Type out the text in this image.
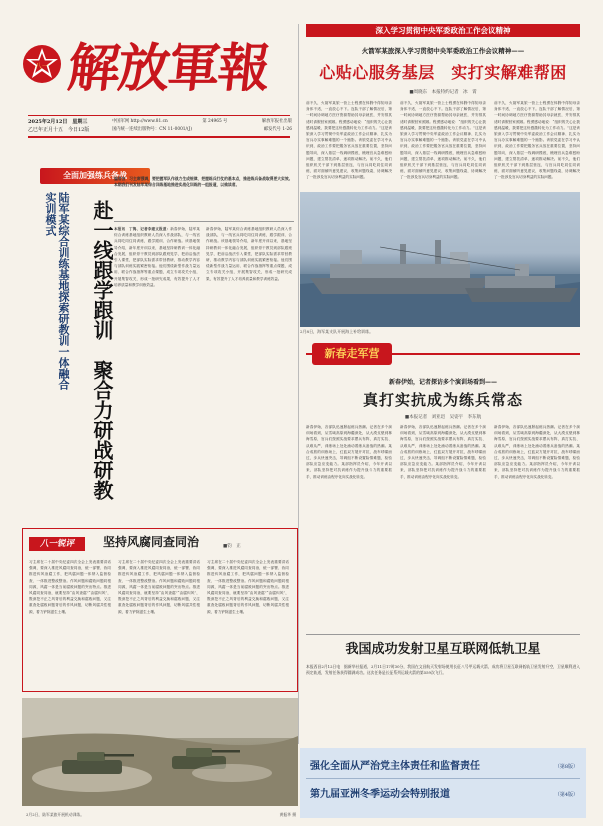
八一 解放軍報
2025年2月12日　星期三
乙巳年正月十五　今日12版
中国军网 http://www.81.cn	第 24965 号	解放军报社出版
国内统一连续出版物号：CN 11-0001/(J)	邮发代号 1-26
深入学习贯彻中央军委政治工作会议精神
火箭军某旅深入学习贯彻中央军委政治工作会议精神——
心贴心服务基层　实打实解难帮困
■周晓东　本报特约记者　冰　霄
前不久，火箭军某旅一营上士程勇在休假中得知母亲身体不适，一直放心不下。连队干部了解情况后，第一时间协调地方医疗资源帮助其母亲就医，并安排其适时请假回家照顾。程勇感动地说：“组织的关心让我感到温暖，我要把这份感激转化为工作动力。”这是该旅深入学习贯彻中央军委政治工作会议精神、扎实为官兵办实事解难题的一个缩影。该旅党委在学习中认识到，政治工作要把服务官兵放在重要位置，坚持问题导向，深入基层一线调研摸底，梳理官兵急难愁盼问题，建立帮扶清单，逐项推动解决。前不久，他们组织机关干部下到基层营连，与官兵同吃同住同训练，面对面倾听意见建议，收集问题线索，协调解决了一批涉及官兵切身利益的实际问题。
前不久，火箭军某旅一营上士程勇在休假中得知母亲身体不适，一直放心不下。连队干部了解情况后，第一时间协调地方医疗资源帮助其母亲就医，并安排其适时请假回家照顾。程勇感动地说：“组织的关心让我感到温暖，我要把这份感激转化为工作动力。”这是该旅深入学习贯彻中央军委政治工作会议精神、扎实为官兵办实事解难题的一个缩影。该旅党委在学习中认识到，政治工作要把服务官兵放在重要位置，坚持问题导向，深入基层一线调研摸底，梳理官兵急难愁盼问题，建立帮扶清单，逐项推动解决。前不久，他们组织机关干部下到基层营连，与官兵同吃同住同训练，面对面倾听意见建议，收集问题线索，协调解决了一批涉及官兵切身利益的实际问题。
前不久，火箭军某旅一营上士程勇在休假中得知母亲身体不适，一直放心不下。连队干部了解情况后，第一时间协调地方医疗资源帮助其母亲就医，并安排其适时请假回家照顾。程勇感动地说：“组织的关心让我感到温暖，我要把这份感激转化为工作动力。”这是该旅深入学习贯彻中央军委政治工作会议精神、扎实为官兵办实事解难题的一个缩影。该旅党委在学习中认识到，政治工作要把服务官兵放在重要位置，坚持问题导向，深入基层一线调研摸底，梳理官兵急难愁盼问题，建立帮扶清单，逐项推动解决。前不久，他们组织机关干部下到基层营连，与官兵同吃同住同训练，面对面倾听意见建议，收集问题线索，协调解决了一批涉及官兵切身利益的实际问题。
2月8日，海军某支队开展海上补给训练。
全面加强练兵备战
陆军某综合训练基地探索研教训一体融合实训模式	赴一线跟学跟训　聚合力研战研教
编者按　习主席强调，要把握军队作战力生成规律，把握练兵打仗的基本点，推进练兵备战取得更大实效。本期我们刊发陆军某综合训练基地推进实战化训练的一组报道，以飨读者。
本报讯　丁隽、记者李建文报道：新春伊始，陆军某综合训练基地组织教研人员深入作战部队，与一线官兵同吃同住同训练，跟学跟训、合作研战。该基地领导介绍，新年度开训以来，基地坚持研教训一体化融合发展，组织骨干教员到部队跟班见学，把前沿战法引入课堂，把部队实际需求带回教研，推动教学内容与部队训练实践紧密衔接。他们围绕新型作战力量运用、联合作战指挥等重点课题，成立专项攻关小组，开展集智攻关，形成一批研究成果，有效提升了人才培养质量和教学训练效益。
新春伊始，陆军某综合训练基地组织教研人员深入作战部队，与一线官兵同吃同住同训练，跟学跟训、合作研战。该基地领导介绍，新年度开训以来，基地坚持研教训一体化融合发展，组织骨干教员到部队跟班见学，把前沿战法引入课堂，把部队实际需求带回教研，推动教学内容与部队训练实践紧密衔接。他们围绕新型作战力量运用、联合作战指挥等重点课题，成立专项攻关小组，开展集智攻关，形成一批研究成果，有效提升了人才培养质量和教学训练效益。
新春走军营
新春伊始，记者探访多个演训场看到——
真打实抗成为练兵常态
■本报记者　刘亚迅　吴姿宇　李东航
新春伊始，各部队迅速掀起练兵热潮。记者在多个演训场看到，从雪域高原到海疆深处，从大漠戈壁到林海雪原，官兵们按照实战要求摆兵布阵，真打实抗、从难从严，训练场上处处涌动着练兵备战的热潮。某合成旅的训练场上，红蓝双方展开对抗，战车呼啸而过，步兵快速突击，导调组不断设置险情难题，检验部队应急应变能力。某部指挥员介绍，今年开训以来，部队坚持把对抗训练作为提升战斗力的重要抓手，推动训练由程序化向实战化转变。
新春伊始，各部队迅速掀起练兵热潮。记者在多个演训场看到，从雪域高原到海疆深处，从大漠戈壁到林海雪原，官兵们按照实战要求摆兵布阵，真打实抗、从难从严，训练场上处处涌动着练兵备战的热潮。某合成旅的训练场上，红蓝双方展开对抗，战车呼啸而过，步兵快速突击，导调组不断设置险情难题，检验部队应急应变能力。某部指挥员介绍，今年开训以来，部队坚持把对抗训练作为提升战斗力的重要抓手，推动训练由程序化向实战化转变。
新春伊始，各部队迅速掀起练兵热潮。记者在多个演训场看到，从雪域高原到海疆深处，从大漠戈壁到林海雪原，官兵们按照实战要求摆兵布阵，真打实抗、从难从严，训练场上处处涌动着练兵备战的热潮。某合成旅的训练场上，红蓝双方展开对抗，战车呼啸而过，步兵快速突击，导调组不断设置险情难题，检验部队应急应变能力。某部指挥员介绍，今年开训以来，部队坚持把对抗训练作为提升战斗力的重要抓手，推动训练由程序化向实战化转变。
八一锐评	坚持风腐同查同治	■钧　正
习主席在二十届中央纪委四次全会上发表重要讲话强调，要深入推进风腐同查同治，统一部署、协同推进纠风治腐工作，把风腐问题一体纳入监督检查、一体推进整改整治。作风问题和腐败问题同根同源，风腐一体是当前腐败问题的突出特点。推进风腐同查同治，就要坚持“由风查腐”“由腐纠风”，既深挖不正之风背后的利益交换和腐败问题，又注重查处腐败问题背后的作风问题，切断风腐共性根源，着力铲除滋生土壤。
习主席在二十届中央纪委四次全会上发表重要讲话强调，要深入推进风腐同查同治，统一部署、协同推进纠风治腐工作，把风腐问题一体纳入监督检查、一体推进整改整治。作风问题和腐败问题同根同源，风腐一体是当前腐败问题的突出特点。推进风腐同查同治，就要坚持“由风查腐”“由腐纠风”，既深挖不正之风背后的利益交换和腐败问题，又注重查处腐败问题背后的作风问题，切断风腐共性根源，着力铲除滋生土壤。
习主席在二十届中央纪委四次全会上发表重要讲话强调，要深入推进风腐同查同治，统一部署、协同推进纠风治腐工作，把风腐问题一体纳入监督检查、一体推进整改整治。作风问题和腐败问题同根同源，风腐一体是当前腐败问题的突出特点。推进风腐同查同治，就要坚持“由风查腐”“由腐纠风”，既深挖不正之风背后的利益交换和腐败问题，又注重查处腐败问题背后的作风问题，切断风腐共性根源，着力铲除滋生土壤。
2月2日，陆军某旅开展机动训练。	黄振华 摄
我国成功发射卫星互联网低轨卫星
本报西昌2月12日电　据新华社报道，2月11日17时30分，我国在文昌航天发射场使用长征八号甲运载火箭，成功将卫星互联网低轨卫星发射升空，卫星顺利进入预定轨道，发射任务获得圆满成功。这次任务是长征系列运载火箭的第559次飞行。
强化全面从严治党主体责任和监督责任	（第8版）
第九届亚洲冬季运动会特别报道	（第4版）
